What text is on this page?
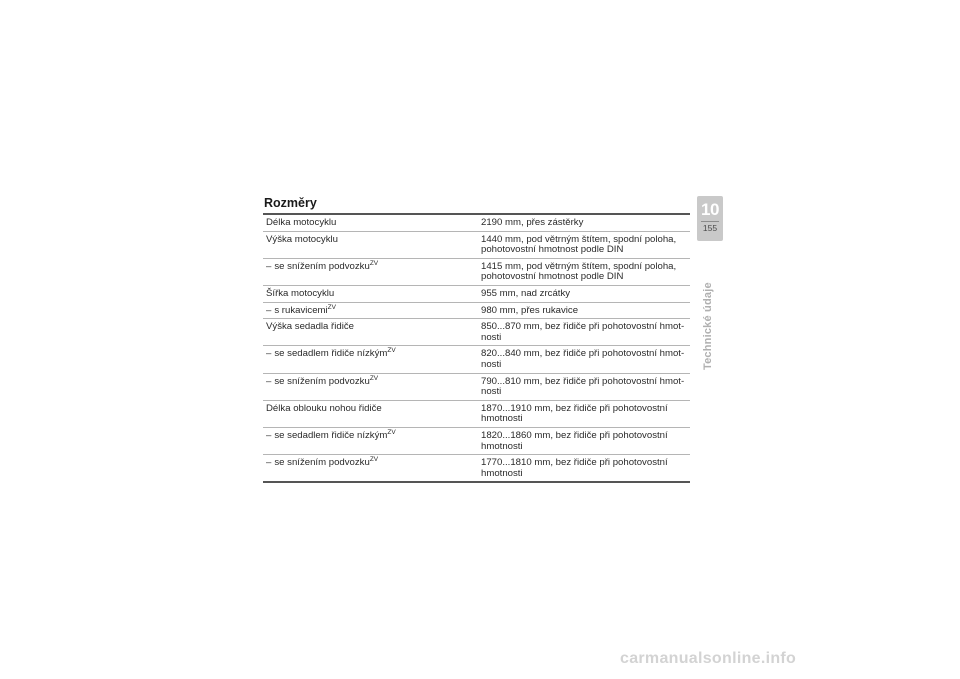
Rozměry
Délka motocyklu	2190 mm, přes zástěrky
Výška motocyklu	1440 mm, pod větrným štítem, spodní poloha, pohotovostní hmotnost podle DIN
– se snížením podvozku$^{ZV}$	1415 mm, pod větrným štítem, spodní poloha, pohotovostní hmotnost podle DIN
Šířka motocyklu	955 mm, nad zrcátky
– s rukavicemi$^{ZV}$	980 mm, přes rukavice
Výška sedadla řidiče	850...870 mm, bez řidiče při pohotovostní hmot-nosti
– se sedadlem řidiče nízkým$^{ZV}$	820...840 mm, bez řidiče při pohotovostní hmot-nosti
– se snížením podvozku$^{ZV}$	790...810 mm, bez řidiče při pohotovostní hmot-nosti
Délka oblouku nohou řidiče	1870...1910 mm, bez řidiče při pohotovostní hmotnosti
– se sedadlem řidiče nízkým$^{ZV}$	1820...1860 mm, bez řidiče při pohotovostní hmotnosti
– se snížením podvozku$^{ZV}$	1770...1810 mm, bez řidiče při pohotovostní hmotnosti
10
155
Technické údaje
carmanualsonline.info
